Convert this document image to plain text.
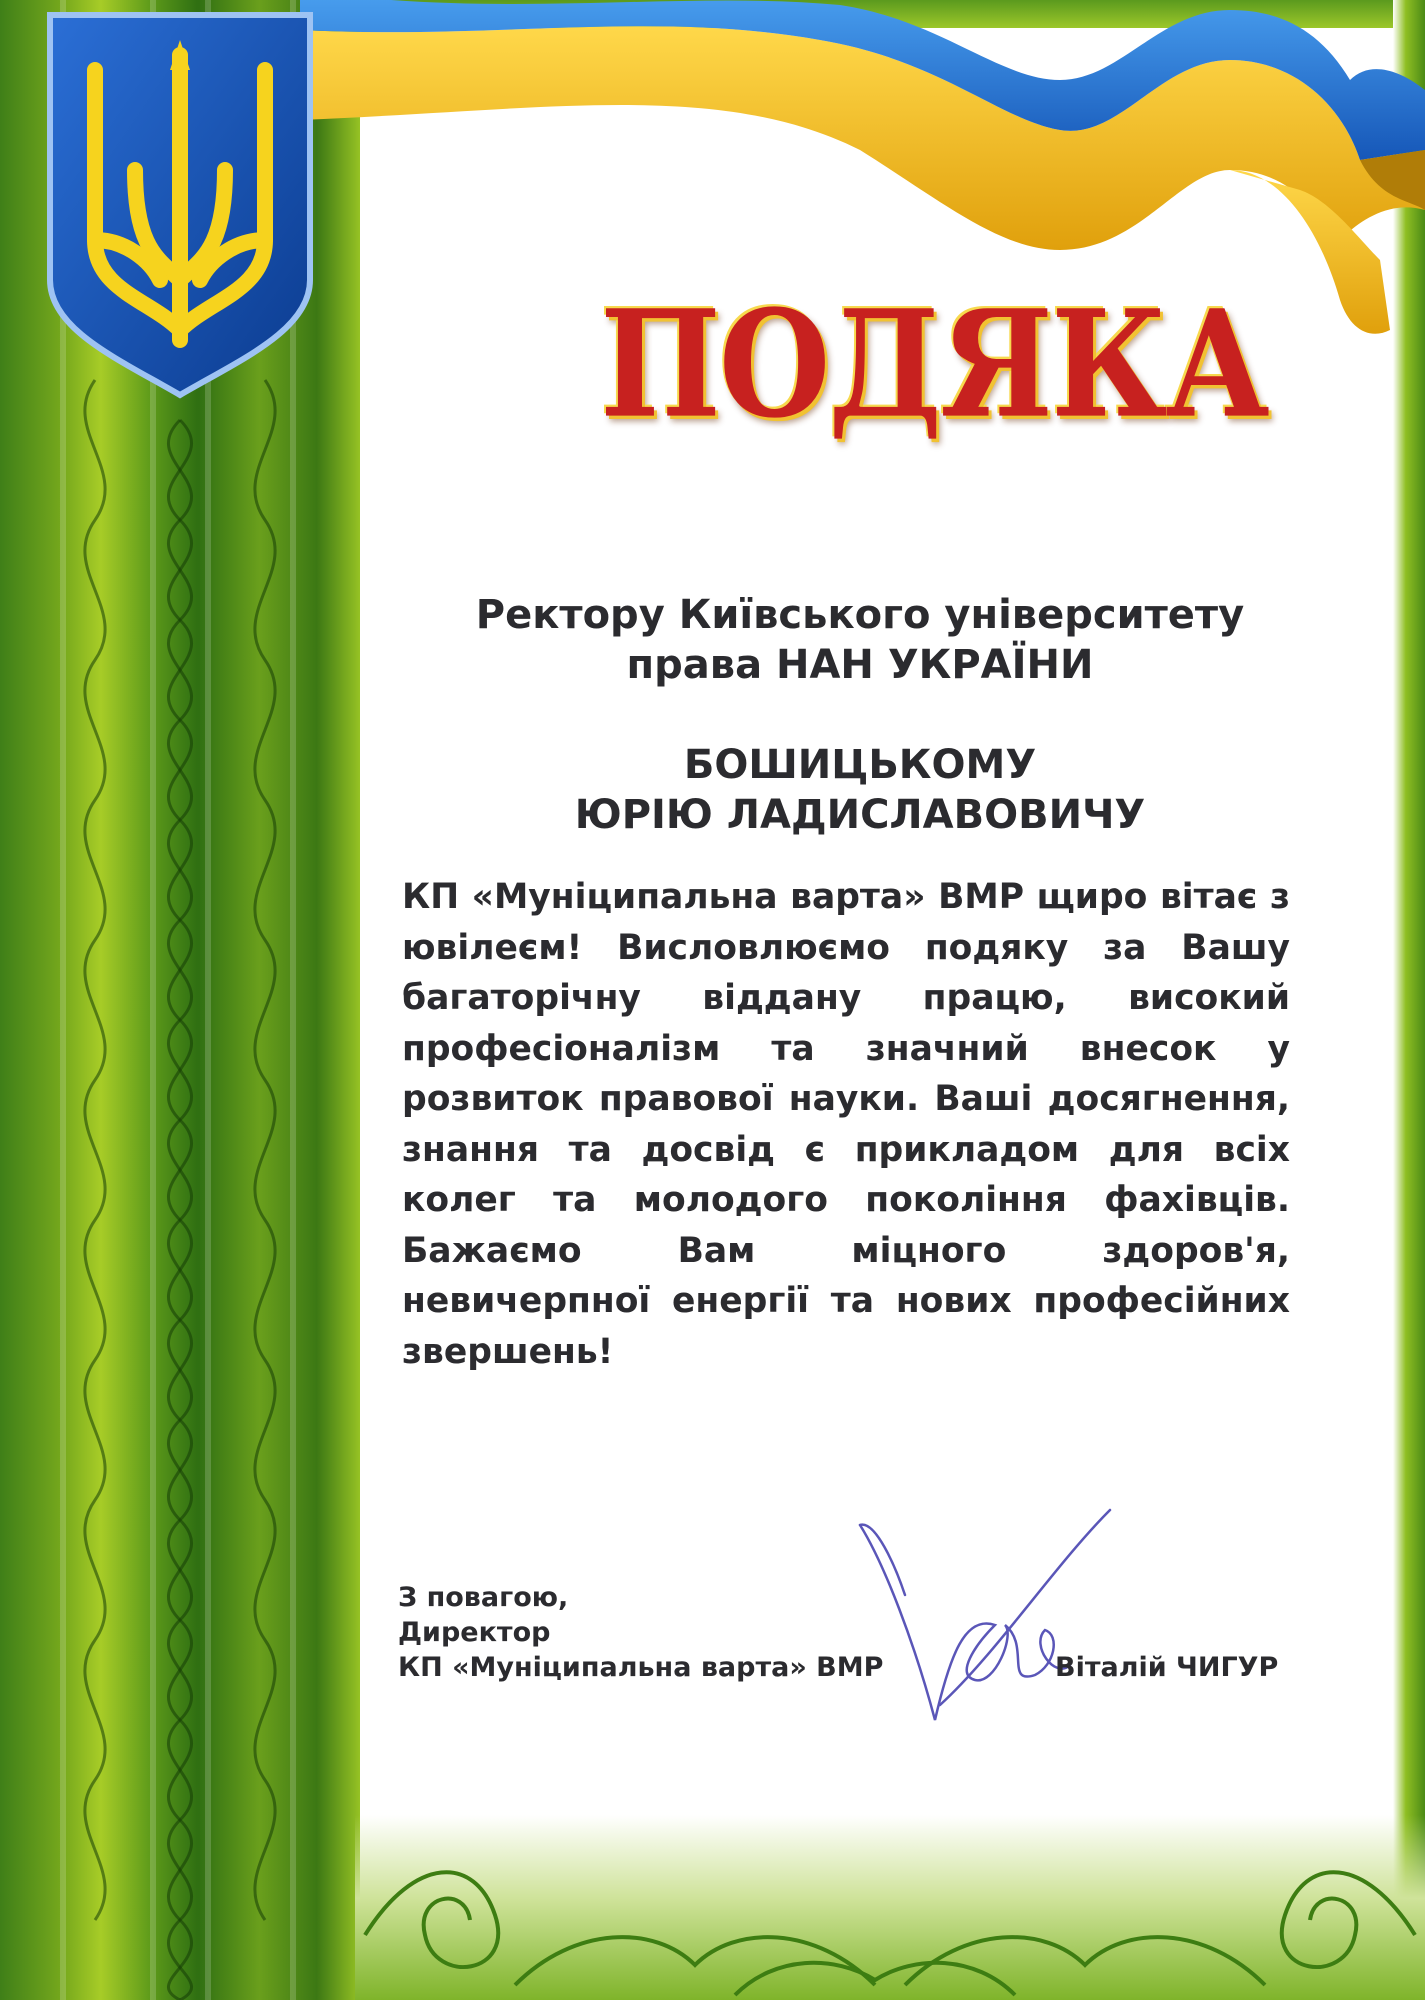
ПОДЯКА
Ректору Київського університету
права НАН УКРАЇНИ
БОШИЦЬКОМУ
ЮРІЮ ЛАДИСЛАВОВИЧУ
КП «Муніципальна варта» ВМР щиро вітає з ювілеєм! Висловлюємо подяку за Вашу багаторічну віддану працю, високий професіоналізм та значний внесок у розвиток правової науки. Ваші досягнення, знання та досвід є прикладом для всіх колег та молодого покоління фахівців. Бажаємо Вам міцного здоров'я, невичерпної енергії та нових професійних звершень!
З повагою,
Директор
КП «Муніципальна варта» ВМР	Віталій ЧИГУР
